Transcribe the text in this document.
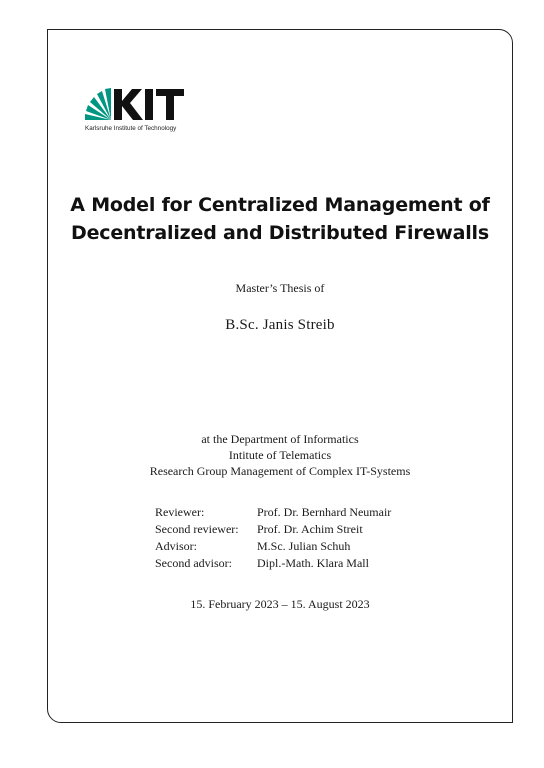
Karlsruhe Institute of Technology
A Model for Centralized Management of
Decentralized and Distributed Firewalls
Master’s Thesis of
B.Sc. Janis Streib
at the Department of Informatics
Intitute of Telematics
Research Group Management of Complex IT-Systems
Reviewer:	Prof. Dr. Bernhard Neumair
Second reviewer:	Prof. Dr. Achim Streit
Advisor:	M.Sc. Julian Schuh
Second advisor:	Dipl.-Math. Klara Mall
15. February 2023 – 15. August 2023
